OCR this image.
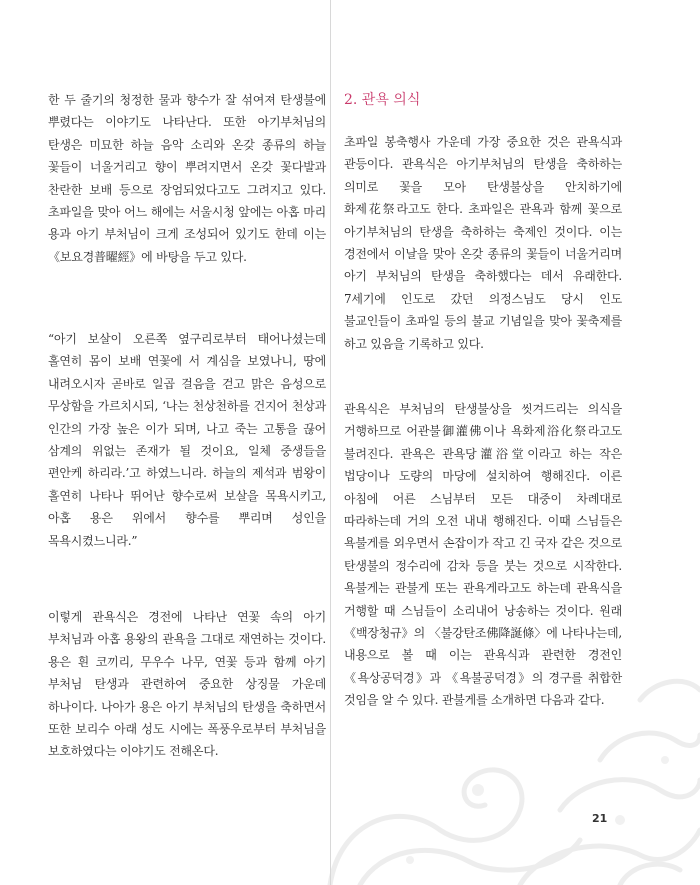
한 두 줄기의 청정한 물과 향수가 잘 섞여져 탄생불에 뿌렸다는 이야기도 나타난다. 또한 아기부처님의 탄생은 미묘한 하늘 음악 소리와 온갖 종류의 하늘 꽃들이 너울거리고 향이 뿌려지면서 온갖 꽃다발과 찬란한 보배 등으로 장엄되었다고도 그려지고 있다. 초파일을 맞아 어느 해에는 서울시청 앞에는 아홉 마리 용과 아기 부처님이 크게 조성되어 있기도 한데 이는 《보요경普曜經》에 바탕을 두고 있다.

“아기 보살이 오른쪽 옆구리로부터 태어나셨는데 홀연히 몸이 보배 연꽃에 서 계심을 보였나니, 땅에 내려오시자 곧바로 일곱 걸음을 걷고 맑은 음성으로 무상함을 가르치시되, ‘나는 천상천하를 건지어 천상과 인간의 가장 높은 이가 되며, 나고 죽는 고통을 끊어 삼계의 위없는 존재가 될 것이요, 일체 중생들을 편안케 하리라.’고 하였느니라. 하늘의 제석과 범왕이 홀연히 나타나 뛰어난 향수로써 보살을 목욕시키고, 아홉 용은 위에서 향수를 뿌리며 성인을 목욕시켰느니라.”

이렇게 관욕식은 경전에 나타난 연꽃 속의 아기 부처님과 아홉 용왕의 관욕을 그대로 재연하는 것이다. 용은 흰 코끼리, 무우수 나무, 연꽃 등과 함께 아기 부처님 탄생과 관련하여 중요한 상징물 가운데 하나이다. 나아가 용은 아기 부처님의 탄생을 축하면서 또한 보리수 아래 성도 시에는 폭풍우로부터 부처님을 보호하였다는 이야기도 전해온다.

2. 관욕 의식

초파일 봉축행사 가운데 가장 중요한 것은 관욕식과 관등이다. 관욕식은 아기부처님의 탄생을 축하하는 의미로 꽃을 모아 탄생불상을 안치하기에 화제花祭라고도 한다. 초파일은 관욕과 함께 꽃으로 아기부처님의 탄생을 축하하는 축제인 것이다. 이는 경전에서 이날을 맞아 온갖 종류의 꽃들이 너울거리며 아기 부처님의 탄생을 축하했다는 데서 유래한다. 7세기에 인도로 갔던 의정스님도 당시 인도 불교인들이 초파일 등의 불교 기념일을 맞아 꽃축제를 하고 있음을 기록하고 있다.

관욕식은 부처님의 탄생불상을 씻겨드리는 의식을 거행하므로 어관불御灌佛이나 욕화제浴化祭라고도 불려진다. 관욕은 관욕당灌浴堂이라고 하는 작은 법당이나 도량의 마당에 설치하여 행해진다. 이른 아침에 어른 스님부터 모든 대중이 차례대로 따라하는데 거의 오전 내내 행해진다. 이때 스님들은 욕불게를 외우면서 손잡이가 작고 긴 국자 같은 것으로 탄생불의 정수리에 감차 등을 붓는 것으로 시작한다. 욕불게는 관불게 또는 관욕게라고도 하는데 관욕식을 거행할 때 스님들이 소리내어 낭송하는 것이다. 원래 《백장청규》의 〈불강탄조佛降誕條〉에 나타나는데, 내용으로 볼 때 이는 관욕식과 관련한 경전인 《욕상공덕경》과 《욕불공덕경》의 경구를 취합한 것임을 알 수 있다. 관불게를 소개하면 다음과 같다.

21
